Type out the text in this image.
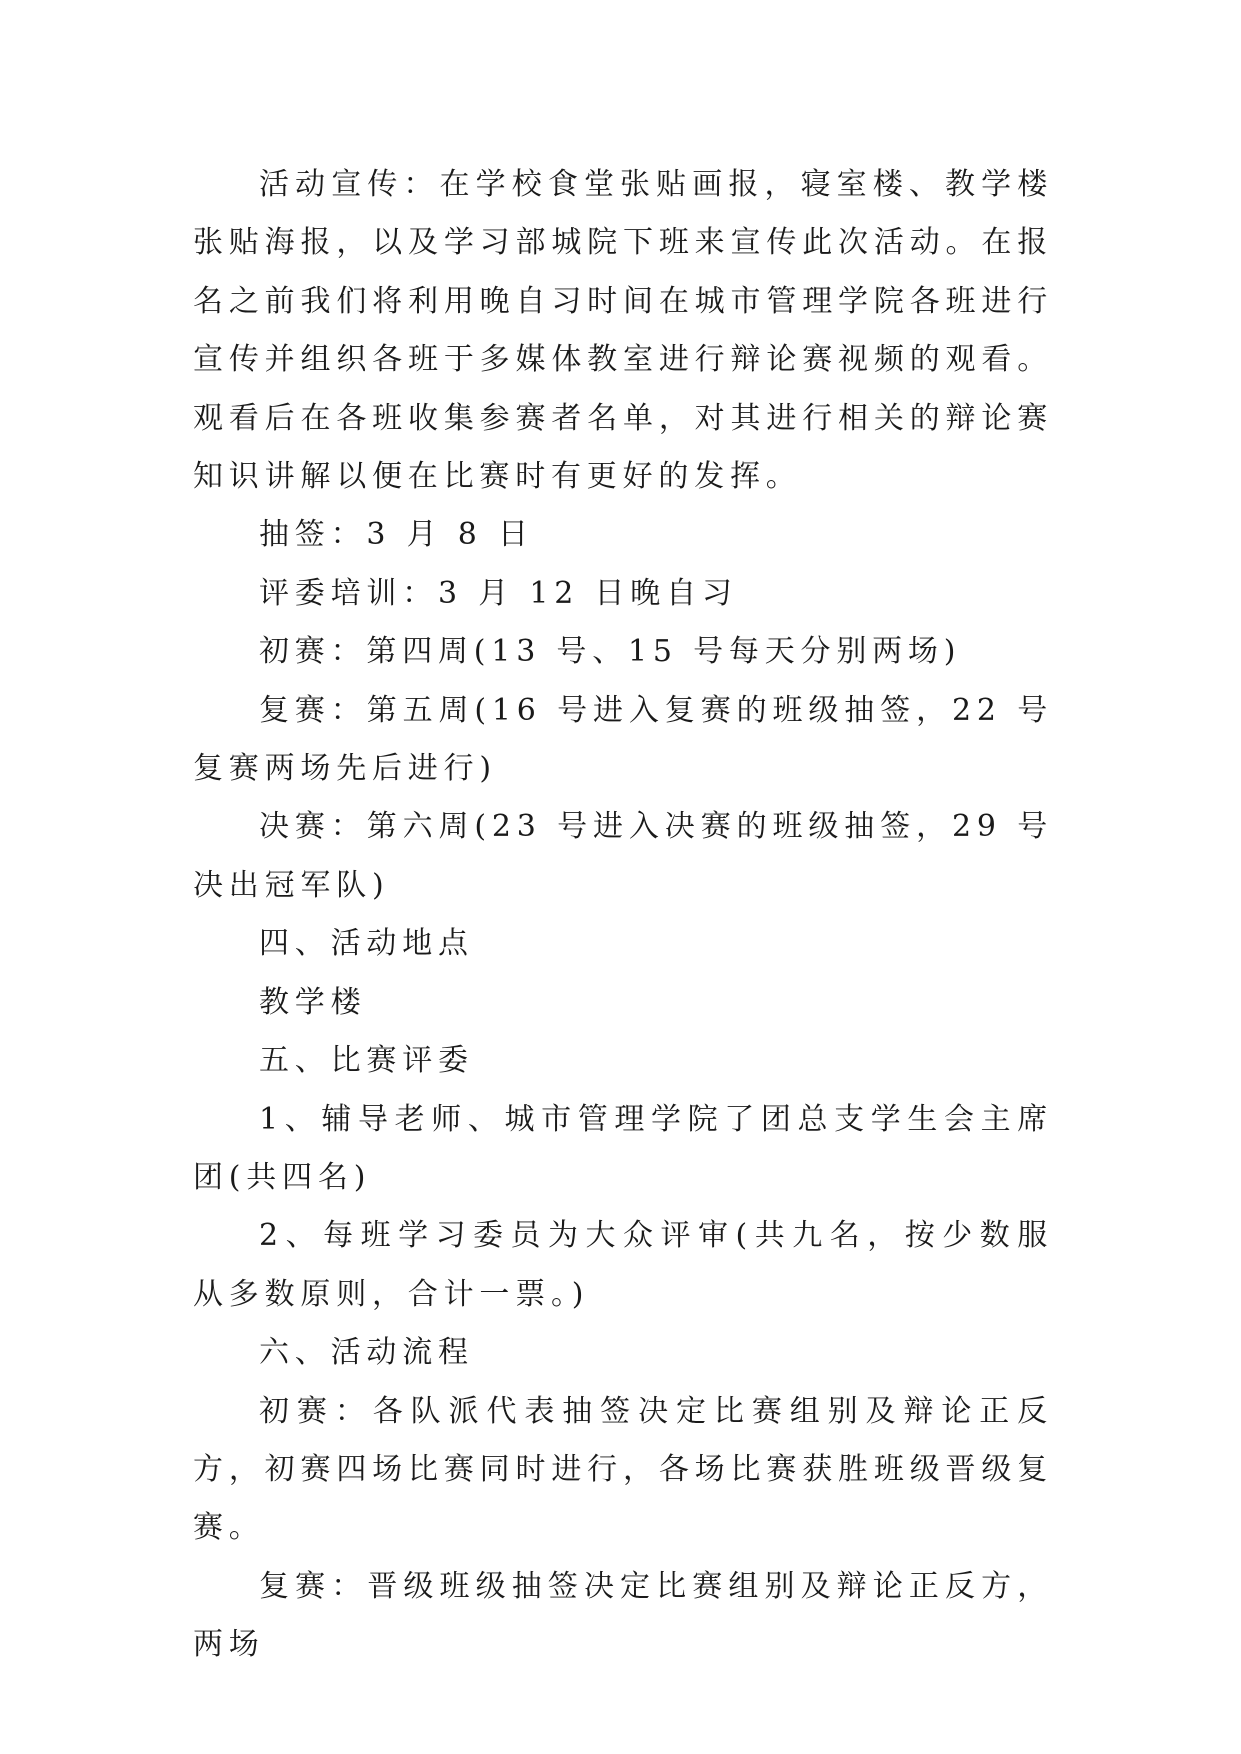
活动宣传：在学校食堂张贴画报，寝室楼、教学楼张贴海报，以及学习部城院下班来宣传此次活动。在报名之前我们将利用晚自习时间在城市管理学院各班进行宣传并组织各班于多媒体教室进行辩论赛视频的观看。观看后在各班收集参赛者名单，对其进行相关的辩论赛知识讲解以便在比赛时有更好的发挥。

抽签：3 月 8 日

评委培训：3 月 12 日晚自习

初赛：第四周(13 号、15 号每天分别两场)

复赛：第五周(16 号进入复赛的班级抽签，22 号复赛两场先后进行)

决赛：第六周(23 号进入决赛的班级抽签，29 号决出冠军队)

四、活动地点

教学楼

五、比赛评委

1、辅导老师、城市管理学院了团总支学生会主席团(共四名)

2、每班学习委员为大众评审(共九名，按少数服从多数原则，合计一票。)

六、活动流程

初赛：各队派代表抽签决定比赛组别及辩论正反方，初赛四场比赛同时进行，各场比赛获胜班级晋级复赛。

复赛：晋级班级抽签决定比赛组别及辩论正反方，两场
